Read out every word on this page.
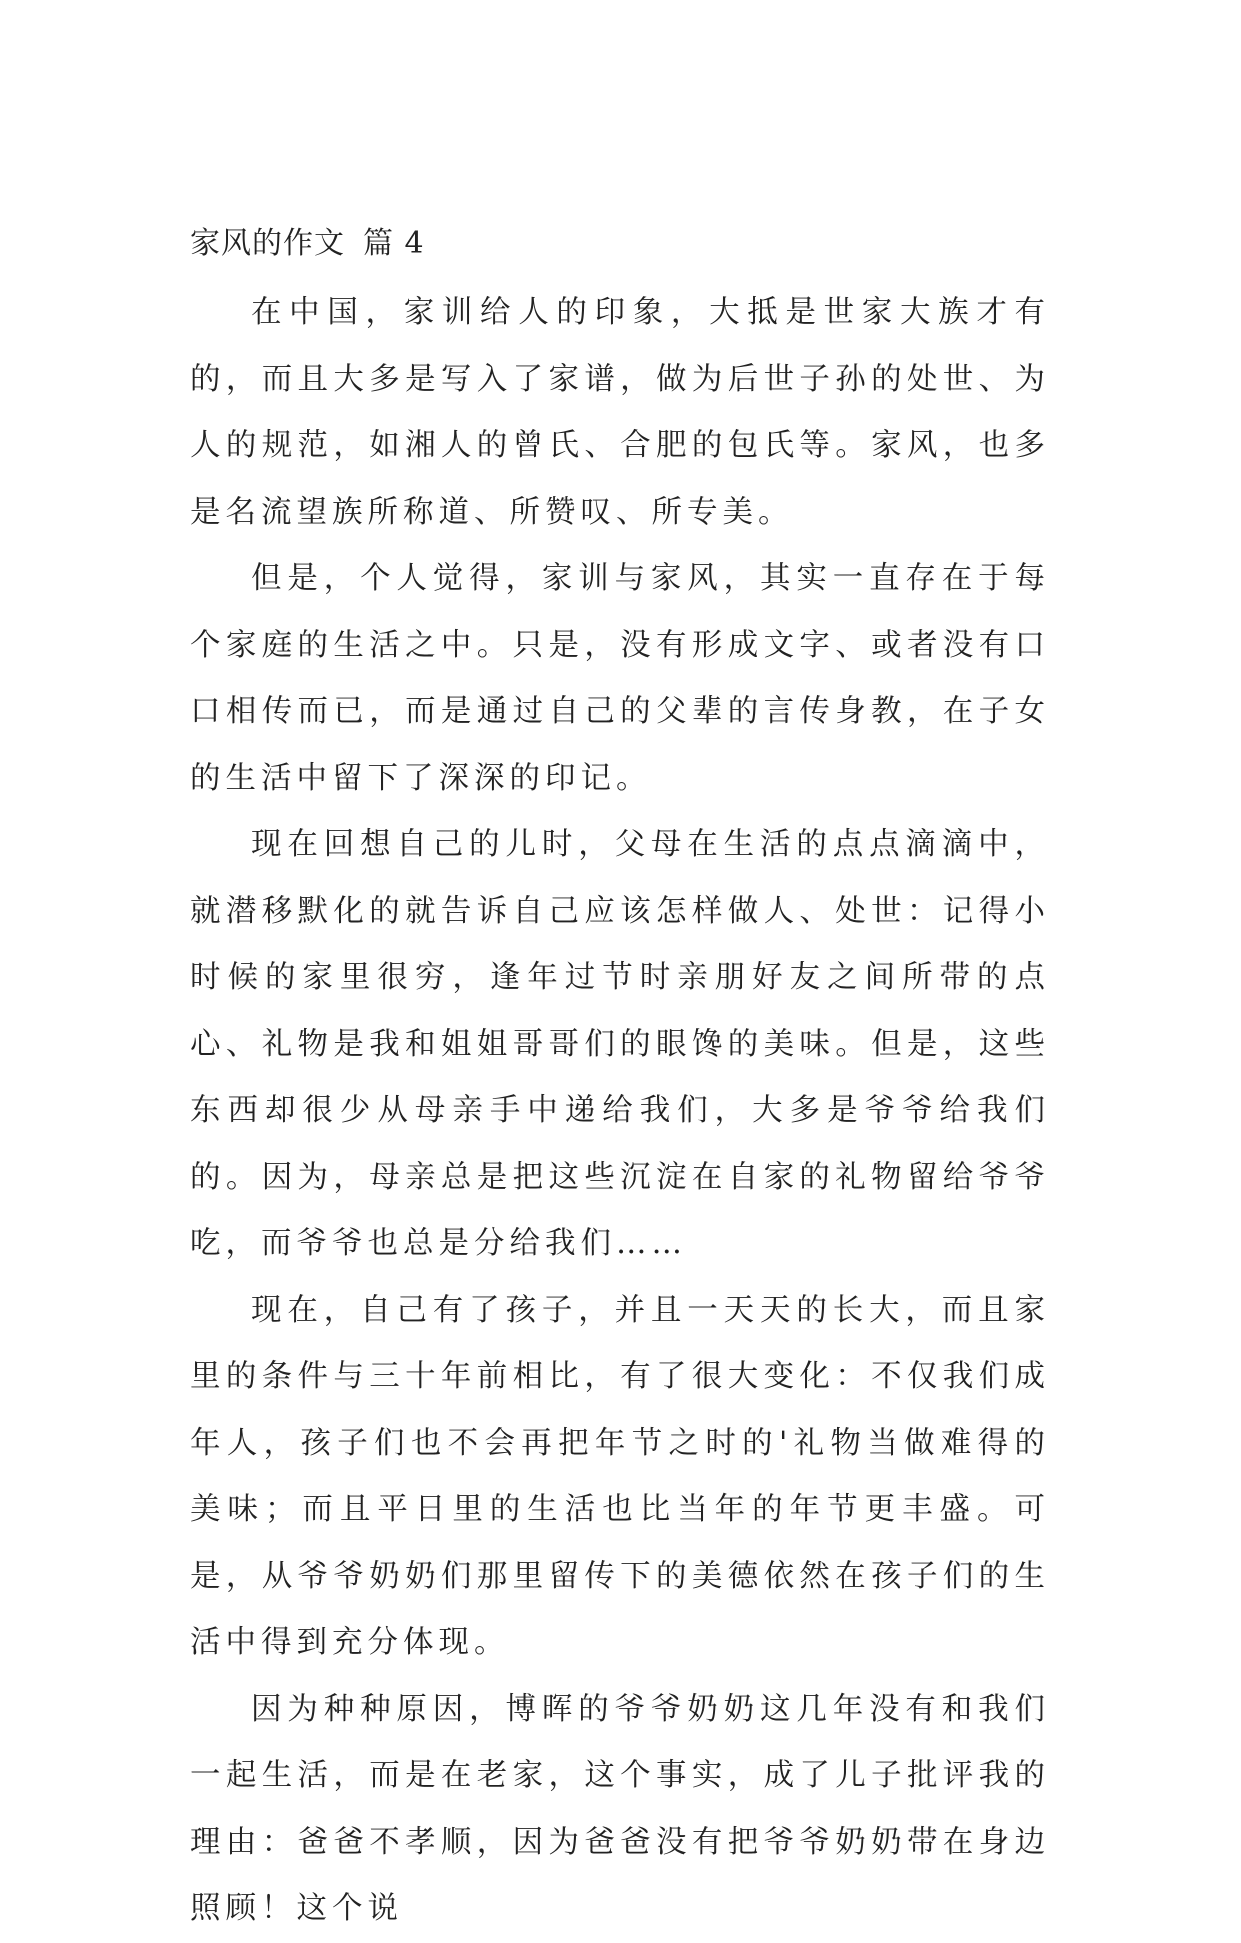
家风的作文 篇 4

在中国，家训给人的印象，大抵是世家大族才有的，而且大多是写入了家谱，做为后世子孙的处世、为人的规范，如湘人的曾氏、合肥的包氏等。家风，也多是名流望族所称道、所赞叹、所专美。

但是，个人觉得，家训与家风，其实一直存在于每个家庭的生活之中。只是，没有形成文字、或者没有口口相传而已，而是通过自己的父辈的言传身教，在子女的生活中留下了深深的印记。

现在回想自己的儿时，父母在生活的点点滴滴中，就潜移默化的就告诉自己应该怎样做人、处世：记得小时候的家里很穷，逢年过节时亲朋好友之间所带的点心、礼物是我和姐姐哥哥们的眼馋的美味。但是，这些东西却很少从母亲手中递给我们，大多是爷爷给我们的。因为，母亲总是把这些沉淀在自家的礼物留给爷爷吃，而爷爷也总是分给我们……

现在，自己有了孩子，并且一天天的长大，而且家里的条件与三十年前相比，有了很大变化：不仅我们成年人，孩子们也不会再把年节之时的'礼物当做难得的美味；而且平日里的生活也比当年的年节更丰盛。可是，从爷爷奶奶们那里留传下的美德依然在孩子们的生活中得到充分体现。

因为种种原因，博晖的爷爷奶奶这几年没有和我们一起生活，而是在老家，这个事实，成了儿子批评我的理由：爸爸不孝顺，因为爸爸没有把爷爷奶奶带在身边照顾！这个说
